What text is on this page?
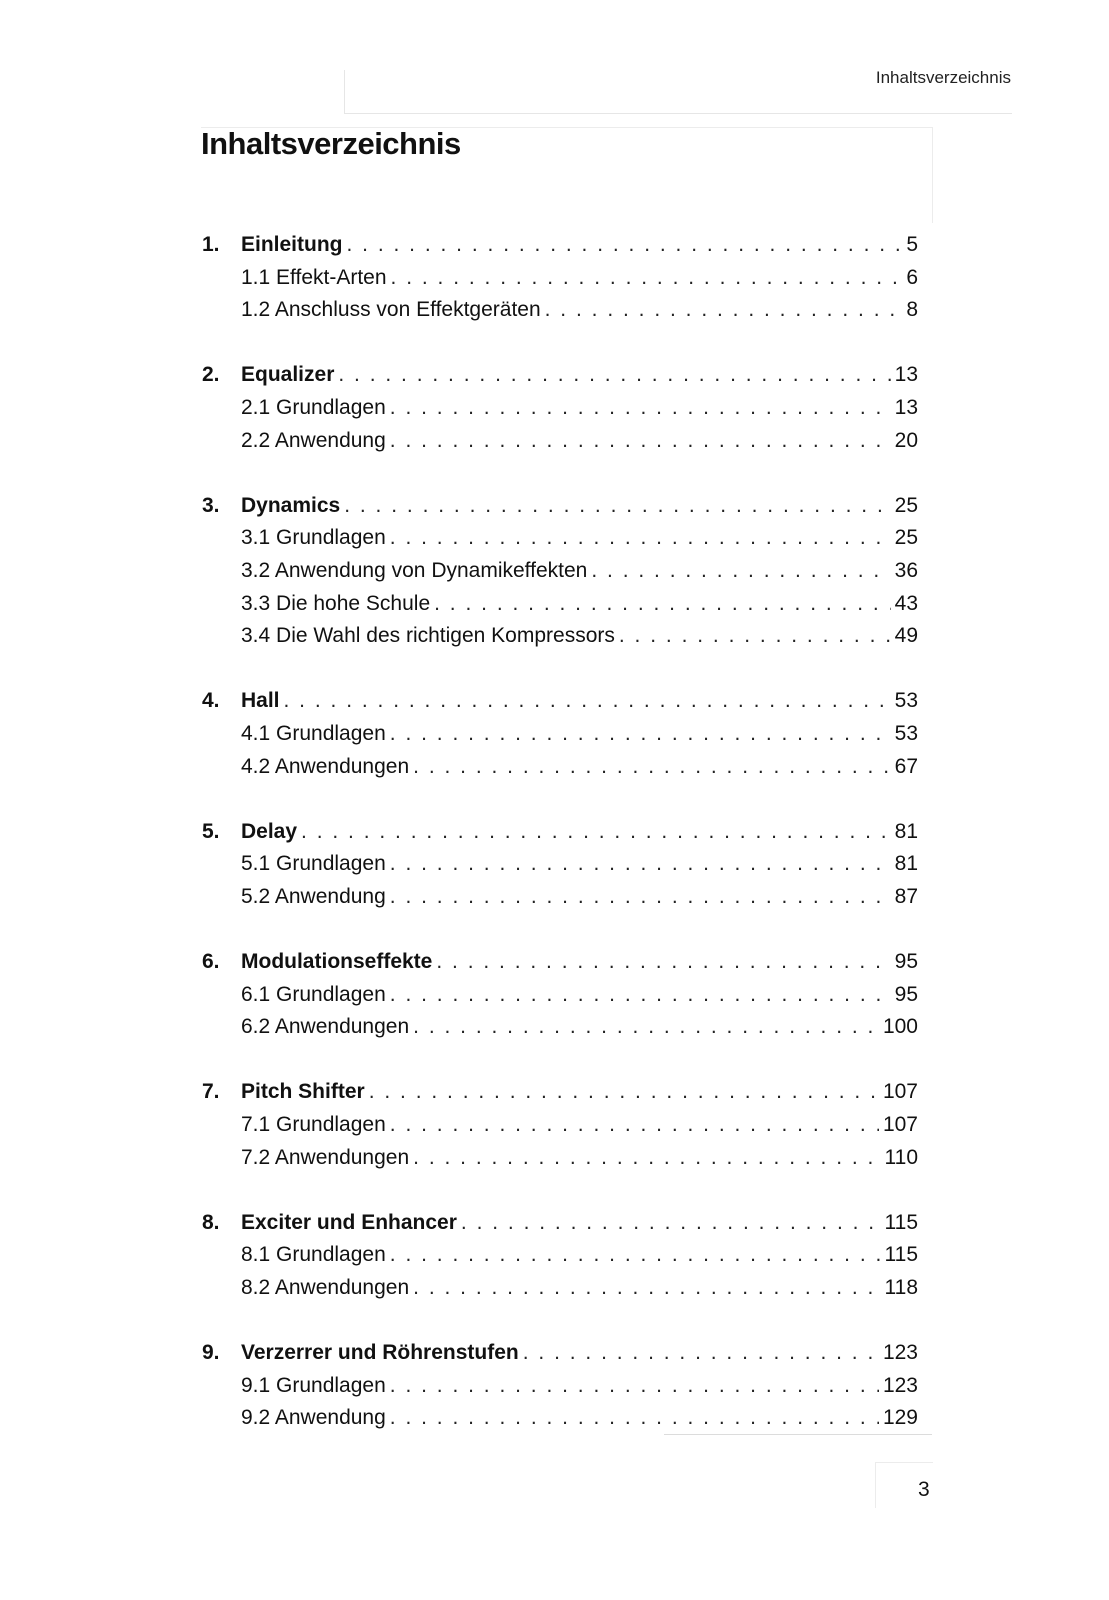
Inhaltsverzeichnis
Inhaltsverzeichnis
1.	Einleitung . . .	5
1.1 Effekt-Arten . . .	6
1.2 Anschluss von Effektgeräten . . .	8
2.	Equalizer . . .	13
2.1 Grundlagen . . .	13
2.2 Anwendung . . .	20
3.	Dynamics . . .	25
3.1 Grundlagen . . .	25
3.2 Anwendung von Dynamikeffekten . . .	36
3.3 Die hohe Schule . . .	43
3.4 Die Wahl des richtigen Kompressors . . .	49
4.	Hall . . .	53
4.1 Grundlagen . . .	53
4.2 Anwendungen . . .	67
5.	Delay . . .	81
5.1 Grundlagen . . .	81
5.2 Anwendung . . .	87
6.	Modulationseffekte . . .	95
6.1 Grundlagen . . .	95
6.2 Anwendungen . . .	100
7.	Pitch Shifter . . .	107
7.1 Grundlagen . . .	107
7.2 Anwendungen . . .	110
8.	Exciter und Enhancer . . .	115
8.1 Grundlagen . . .	115
8.2 Anwendungen . . .	118
9.	Verzerrer und Röhrenstufen . . .	123
9.1 Grundlagen . . .	123
9.2 Anwendung . . .	129
3
